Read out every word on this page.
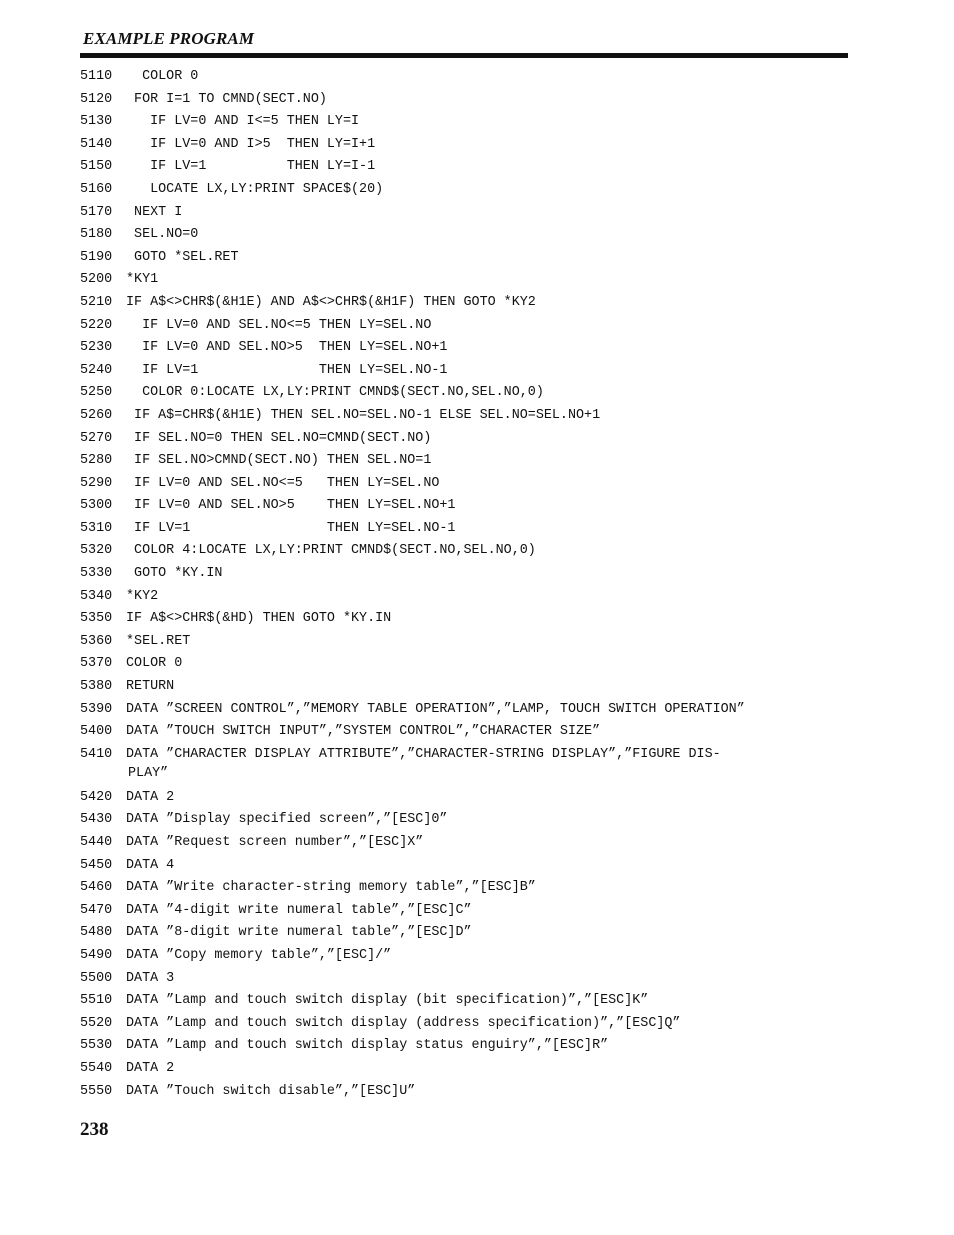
EXAMPLE PROGRAM
5110 COLOR 0
5120 FOR I=1 TO CMND(SECT.NO)
5130 IF LV=0 AND I<=5 THEN LY=I
5140 IF LV=0 AND I>5  THEN LY=I+1
5150 IF LV=1          THEN LY=I-1
5160 LOCATE LX,LY:PRINT SPACE$(20)
5170 NEXT I
5180 SEL.NO=0
5190 GOTO *SEL.RET
5200 *KY1
5210 IF A$<>CHR$(&H1E) AND A$<>CHR$(&H1F) THEN GOTO *KY2
5220 IF LV=0 AND SEL.NO<=5 THEN LY=SEL.NO
5230 IF LV=0 AND SEL.NO>5  THEN LY=SEL.NO+1
5240 IF LV=1               THEN LY=SEL.NO-1
5250 COLOR 0:LOCATE LX,LY:PRINT CMND$(SECT.NO,SEL.NO,0)
5260 IF A$=CHR$(&H1E) THEN SEL.NO=SEL.NO-1 ELSE SEL.NO=SEL.NO+1
5270 IF SEL.NO=0 THEN SEL.NO=CMND(SECT.NO)
5280 IF SEL.NO>CMND(SECT.NO) THEN SEL.NO=1
5290 IF LV=0 AND SEL.NO<=5   THEN LY=SEL.NO
5300 IF LV=0 AND SEL.NO>5    THEN LY=SEL.NO+1
5310 IF LV=1                 THEN LY=SEL.NO-1
5320 COLOR 4:LOCATE LX,LY:PRINT CMND$(SECT.NO,SEL.NO,0)
5330 GOTO *KY.IN
5340 *KY2
5350 IF A$<>CHR$(&HD) THEN GOTO *KY.IN
5360 *SEL.RET
5370 COLOR 0
5380 RETURN
5390 DATA ”SCREEN CONTROL”,”MEMORY TABLE OPERATION”,”LAMP, TOUCH SWITCH OPERATION”
5400 DATA ”TOUCH SWITCH INPUT”,”SYSTEM CONTROL”,”CHARACTER SIZE”
5410 DATA ”CHARACTER DISPLAY ATTRIBUTE”,”CHARACTER-STRING DISPLAY”,”FIGURE DIS-
PLAY”
5420 DATA 2
5430 DATA ”Display specified screen”,”[ESC]0”
5440 DATA ”Request screen number”,”[ESC]X”
5450 DATA 4
5460 DATA ”Write character-string memory table”,”[ESC]B”
5470 DATA ”4-digit write numeral table”,”[ESC]C”
5480 DATA ”8-digit write numeral table”,”[ESC]D”
5490 DATA ”Copy memory table”,”[ESC]/”
5500 DATA 3
5510 DATA ”Lamp and touch switch display (bit specification)”,”[ESC]K”
5520 DATA ”Lamp and touch switch display (address specification)”,”[ESC]Q”
5530 DATA ”Lamp and touch switch display status enguiry”,”[ESC]R”
5540 DATA 2
5550 DATA ”Touch switch disable”,”[ESC]U”
238
